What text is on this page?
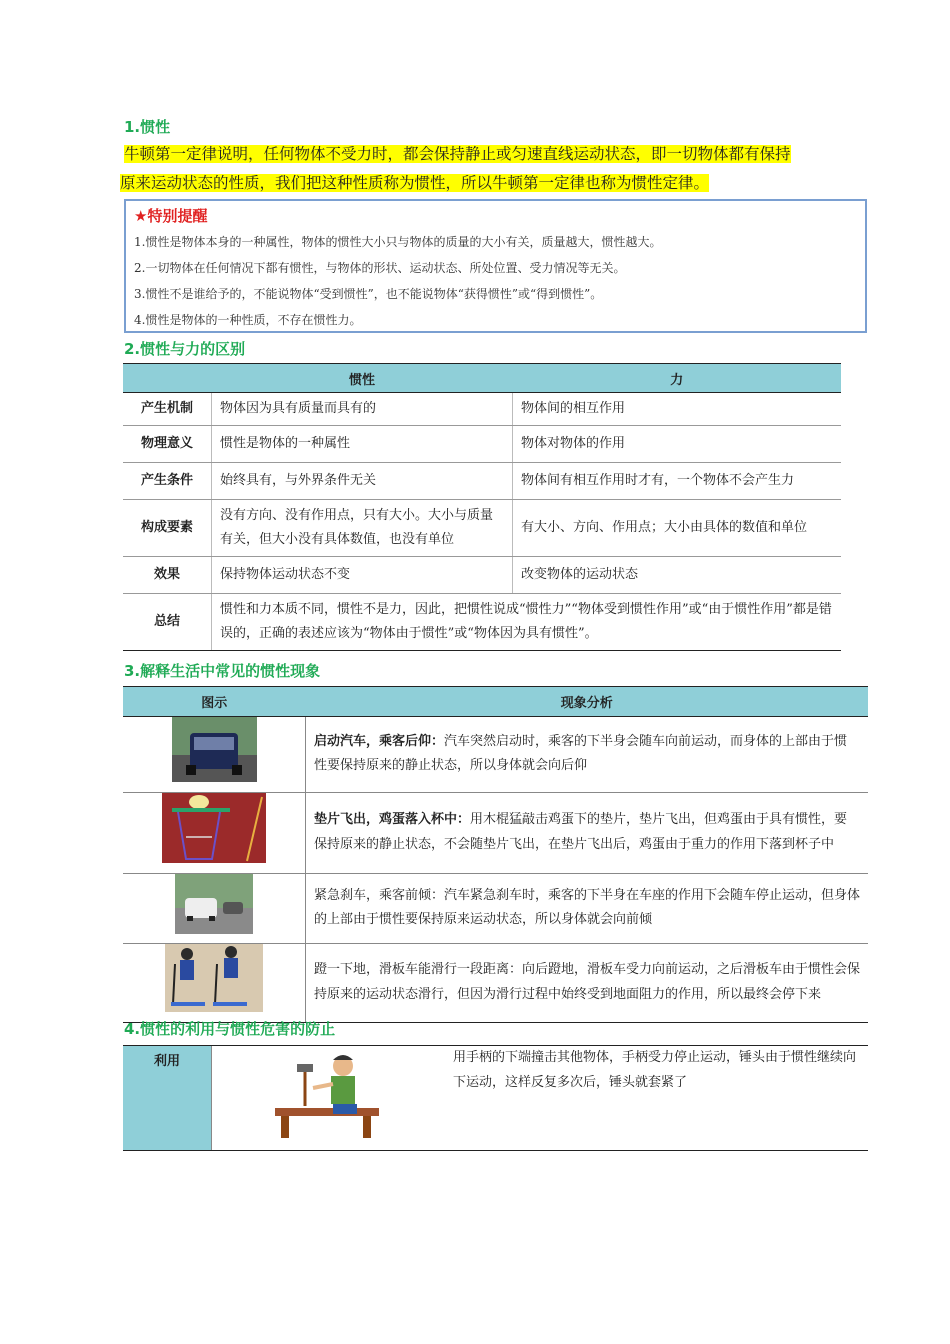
1.惯性
牛顿第一定律说明，任何物体不受力时，都会保持静止或匀速直线运动状态，即一切物体都有保持
原来运动状态的性质，我们把这种性质称为惯性，所以牛顿第一定律也称为惯性定律。
★特别提醒
1.惯性是物体本身的一种属性，物体的惯性大小只与物体的质量的大小有关，质量越大，惯性越大。
2.一切物体在任何情况下都有惯性，与物体的形状、运动状态、所处位置、受力情况等无关。
3.惯性不是谁给予的，不能说物体“受到惯性”，也不能说物体“获得惯性”或“得到惯性”。
4.惯性是物体的一种性质，不存在惯性力。
2.惯性与力的区别
	惯性	力
产生机制	物体因为具有质量而具有的	物体间的相互作用
物理意义	惯性是物体的一种属性	物体对物体的作用
产生条件	始终具有，与外界条件无关	物体间有相互作用时才有，一个物体不会产生力
构成要素	没有方向、没有作用点，只有大小。大小与质量有关，但大小没有具体数值，也没有单位	有大小、方向、作用点；大小由具体的数值和单位
效果	保持物体运动状态不变	改变物体的运动状态
总结	惯性和力本质不同，惯性不是力，因此，把惯性说成“惯性力”“物体受到惯性作用”或“由于惯性作用”都是错误的，正确的表述应该为“物体由于惯性”或“物体因为具有惯性”。	
3.解释生活中常见的惯性现象
图示	现象分析
	启动汽车，乘客后仰：汽车突然启动时，乘客的下半身会随车向前运动，而身体的上部由于惯性要保持原来的静止状态，所以身体就会向后仰
	垫片飞出，鸡蛋落入杯中：用木棍猛敲击鸡蛋下的垫片，垫片飞出，但鸡蛋由于具有惯性，要保持原来的静止状态，不会随垫片飞出，在垫片飞出后，鸡蛋由于重力的作用下落到杯子中
	紧急刹车，乘客前倾：汽车紧急刹车时，乘客的下半身在车座的作用下会随车停止运动，但身体的上部由于惯性要保持原来运动状态，所以身体就会向前倾
	蹬一下地，滑板车能滑行一段距离：向后蹬地，滑板车受力向前运动，之后滑板车由于惯性会保持原来的运动状态滑行，但因为滑行过程中始终受到地面阻力的作用，所以最终会停下来
4.惯性的利用与惯性危害的防止
利用	用手柄的下端撞击其他物体，手柄受力停止运动，锤头由于惯性继续向下运动，这样反复多次后，锤头就套紧了
